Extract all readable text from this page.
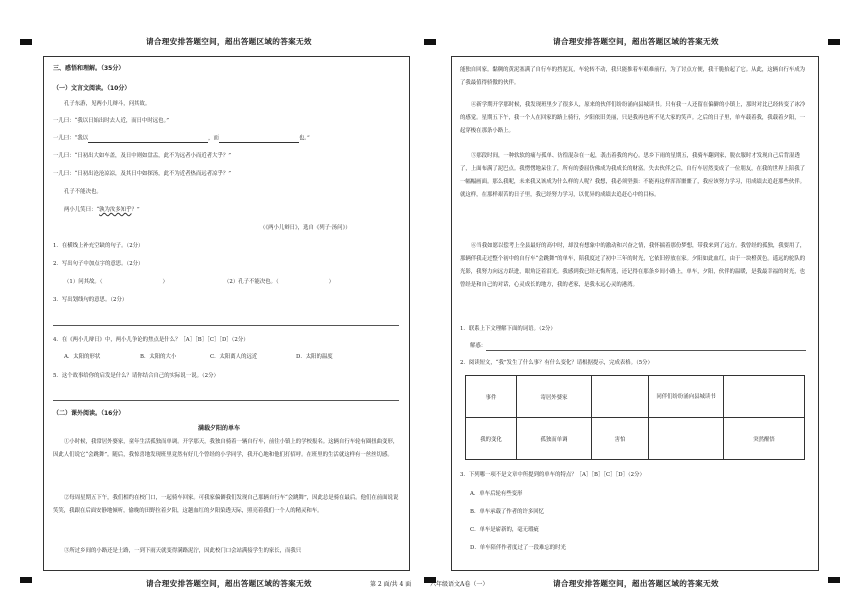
请合理安排答题空间，超出答题区域的答案无效	请合理安排答题空间，超出答题区域的答案无效
请合理安排答题空间，超出答题区域的答案无效	请合理安排答题空间，超出答题区域的答案无效
三、感悟和理解。（35分）
（一）文言文阅读。（10分）
孔子东游，见两小儿辩斗，问其故。
一儿曰：“我以日始出时去人近，而日中时远也。”
一儿曰：“我以	，而	也。”
一儿曰：“日初出大如车盖，及日中则如盘盂，此不为远者小而近者大乎？”
一儿曰：“日初出沧沧凉凉，及其日中如探汤，此不为近者热而远者凉乎？”
孔子不能决也。
两小儿笑曰：“孰为汝多知乎？”
（《两小儿辩日》，选自《列子·汤问》）
1．在横线上补充空缺的句子。（2分）
2．写出句子中加点字的意思。（2分）
（1）问其故。（	）	（2）孔子不能决也。（	）
3．写出划线句的意思。（2分）
4．在《两小儿辩日》中，两小儿争论的焦点是什么？［A］［B］［C］［D］（2分）
A．太阳的形状	B．太阳的大小	C．太阳离人的远近	D．太阳的温度
5．这个故事给你的启发是什么？请你结合自己的实际说一说。（2分）
（二）课外阅读。（16分）
满载夕阳的单车
①小时候，我常居外婆家，童年生活孤独而单调。开学那天，我独自骑着一辆自行车，前往小镇上的学校报名。这辆自行车轮有圈扭曲变形，因此人们说它“会跳舞”。随后，我惊喜地发现班里竟然有好几个曾经的小学同学，我开心地和他们打招呼。在班里的生活就这样有一丝丝切感。
②每周星期五下午，我们相约在校门口，一起骑车回家。可我家偏僻我们发现自己那辆自行车“会跳舞”，因此总是骑在最后。他们在前面说说笑笑，我跟在后面安静地倾听，偷晚的田野拉着夕阳，这趟血红的夕阳染透天际，照亮着我们一个人的精灵和车。
③所过乡间的小路还是土路，一到下雨天就变得满路泥泞，因此校门口会站满接学生的家长，而我只
能独自回家。黏稠的黄泥塞满了自行车的挡泥瓦，车轮转不动，我只能推着车艰难前行，为了讨点方便，我干脆抬起了它。从此，这辆自行车成为了我最值得骄傲的伙伴。
④新学期开学那时候，我发现班里少了很多人，原来的伙伴们纷纷涌向县城读书。只有我一人还留在偏僻的小镇上，那时对比已经转变了冰冷的感觉。星期五下午，我一个人在回家的路上骑行，夕阳依旧美丽，只是我再也听不见大家的笑声。之后的日子里，单车载着我，我载着夕阳，一起穿梭在那条小路上。
⑤那段时间，一种软软的痛与孤单、彷徨混杂在一起，袭击着我的内心。思乡下雨的星期五，我骑车翻到家，脱衣服时才发现自己后背湿透了，上面布满了泥巴点。我愣愣地呆住了，所有的委屈仿佛成为我成长的财富。失去伙伴之后，自行车居然变成了一位朋友，在我的世界上陪我了一幅幅画面。那么我呢，未来我又该成为什么样的人呢？我想，我必须坚强：不能再这样浑浑噩噩了，我应该努力学习，用成绩去追赶那些伙伴。就这样，在那样艰苦的日子里，我已经努力学习，以优异的成绩去追赶心中的目标。
⑥当我如愿以偿考上全县最好的高中时，却没有想象中的激动和兴奋之情，我怀揣着那份梦想，带我来到了远方。我曾经的孤独，我要用了，那辆伴我走过整个初中的自行车“会跳舞”的单车，陪我度过了初中三年的时光，它依旧停放在家。夕阳如此血红，由于一块橙黄色。遥远的驼队的光影，我努力向远方跃进，眼角泛着泪光。我感到我已经无悔所选，还记得在那条乡间小路上，单车，夕阳，伙伴的温暖，是我最幸福的时光，也曾经是和自己的对话，心灵成长的地方，我的老家，是我永远心灵的港湾。
1．联系上下文理解下面的词语。（2分）
解惑：
2．阅读短文，“我”发生了什么事？有什么变化？请根据提示，完成表格。（5分）
事件	寄居外婆家		同伴们纷纷涌向县城读书	
我的变化	孤独而单调	害怕		突然醒悟
3．下列哪一项不是文章中所提到的单车的特点？［A］［B］［C］［D］（2分）
A．单车后轮有些变形
B．单车承载了作者的许多回忆
C．单车是崭新的，毫无瑕疵
D．单车陪伴作者度过了一段难忘的时光
第 2 面/共 4 面	六年级语文A卷（一）
